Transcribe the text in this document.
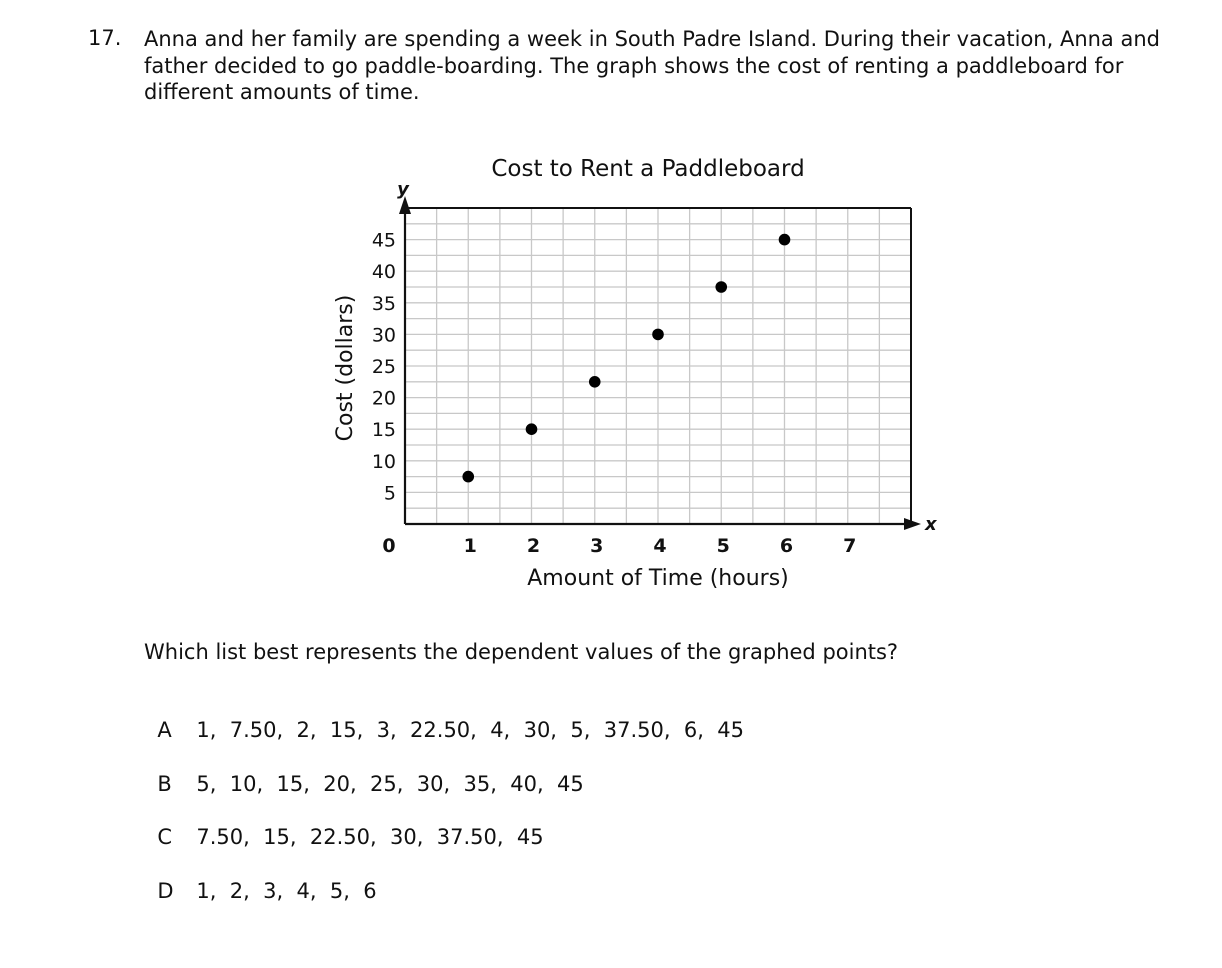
17. Anna and her family are spending a week in South Padre Island. During their vacation, Anna and
father decided to go paddle-boarding. The graph shows the cost of renting a paddleboard for
different amounts of time.
y
x
Cost to Rent a Paddleboard
5
10
15
20
25
30
35
40
45
0	1	2	3	4	5	6	7
Amount of Time (hours)
Cost (dollars)
Which list best represents the dependent values of the graphed points?

A 1,  7.50,  2,  15,  3,  22.50,  4,  30,  5,  37.50,  6,  45

B 5,  10,  15,  20,  25,  30,  35,  40,  45

C 7.50,  15,  22.50,  30,  37.50,  45

D 1,  2,  3,  4,  5,  6
